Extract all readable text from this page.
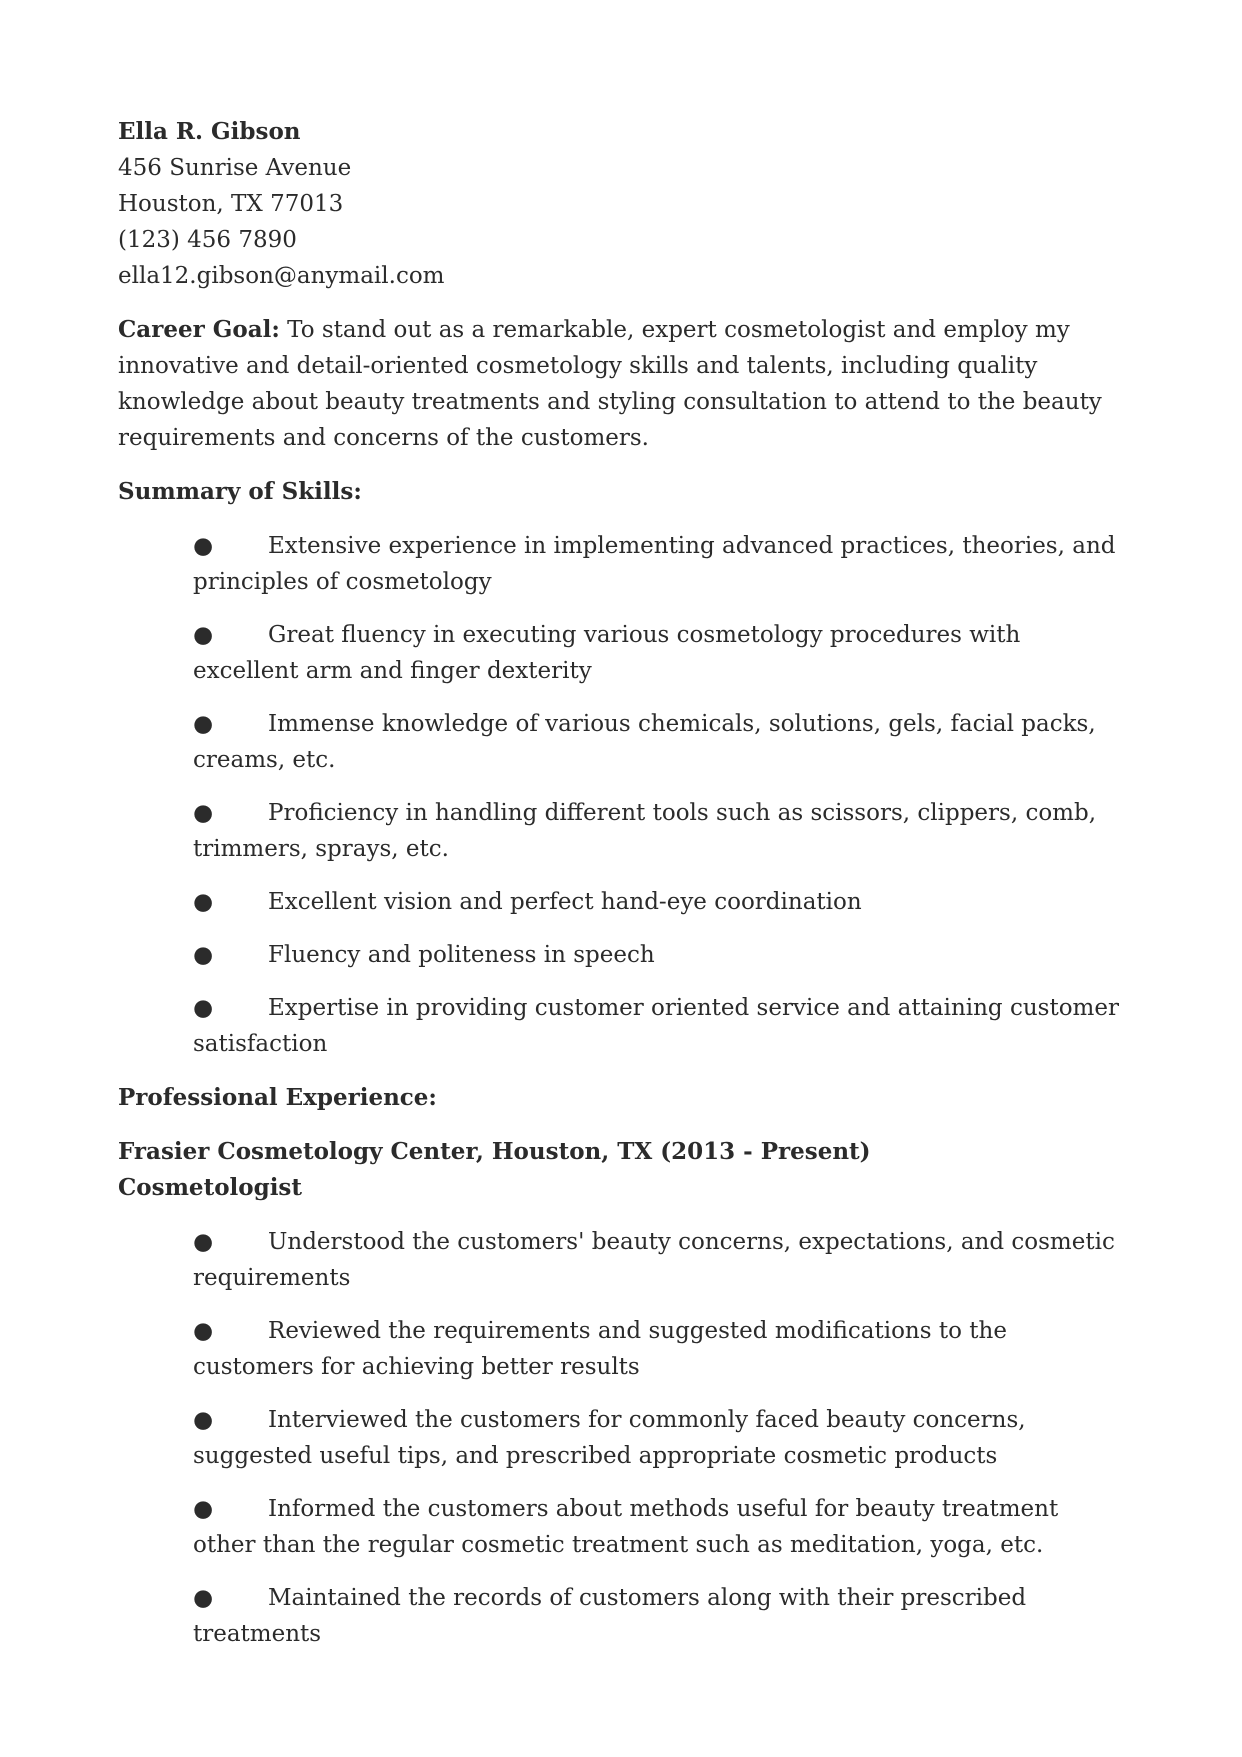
Ella R. Gibson
456 Sunrise Avenue
Houston, TX 77013
(123) 456 7890
ella12.gibson@anymail.com
Career Goal: To stand out as a remarkable, expert cosmetologist and employ my innovative and detail-oriented cosmetology skills and talents, including quality knowledge about beauty treatments and styling consultation to attend to the beauty requirements and concerns of the customers.
Summary of Skills:
● Extensive experience in implementing advanced practices, theories, and principles of cosmetology
● Great fluency in executing various cosmetology procedures with excellent arm and finger dexterity
● Immense knowledge of various chemicals, solutions, gels, facial packs, creams, etc.
● Proficiency in handling different tools such as scissors, clippers, comb, trimmers, sprays, etc.
● Excellent vision and perfect hand-eye coordination
● Fluency and politeness in speech
● Expertise in providing customer oriented service and attaining customer satisfaction
Professional Experience:
Frasier Cosmetology Center, Houston, TX (2013 - Present)
Cosmetologist
● Understood the customers' beauty concerns, expectations, and cosmetic requirements
● Reviewed the requirements and suggested modifications to the customers for achieving better results
● Interviewed the customers for commonly faced beauty concerns, suggested useful tips, and prescribed appropriate cosmetic products
● Informed the customers about methods useful for beauty treatment other than the regular cosmetic treatment such as meditation, yoga, etc.
● Maintained the records of customers along with their prescribed treatments
